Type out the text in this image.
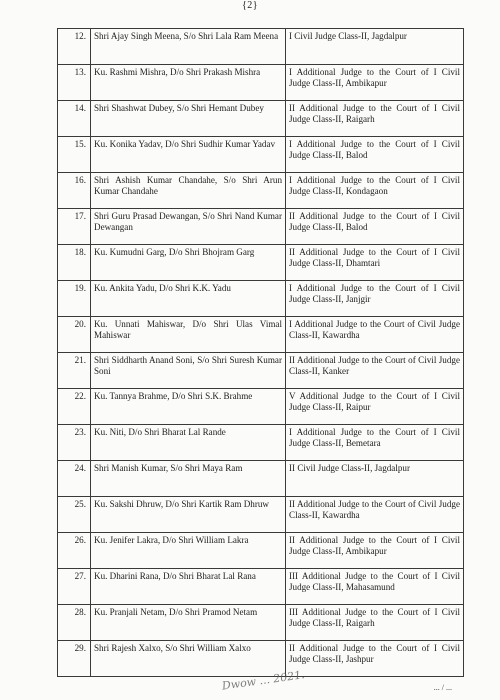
{2}
12.	Shri Ajay Singh Meena, S/o Shri Lala Ram Meena	I Civil Judge Class-II, Jagdalpur
13.	Ku. Rashmi Mishra, D/o Shri Prakash Mishra	I Additional Judge to the Court of I Civil Judge Class-II, Ambikapur
14.	Shri Shashwat Dubey, S/o Shri Hemant Dubey	II Additional Judge to the Court of I Civil Judge Class-II, Raigarh
15.	Ku. Konika Yadav, D/o Shri Sudhir Kumar Yadav	I Additional Judge to the Court of I Civil Judge Class-II, Balod
16.	Shri Ashish Kumar Chandahe, S/o Shri Arun Kumar Chandahe	I Additional Judge to the Court of I Civil Judge Class-II, Kondagaon
17.	Shri Guru Prasad Dewangan, S/o Shri Nand Kumar Dewangan	II Additional Judge to the Court of I Civil Judge Class-II, Balod
18.	Ku. Kumudni Garg, D/o Shri Bhojram Garg	II Additional Judge to the Court of I Civil Judge Class-II, Dhamtari
19.	Ku. Ankita Yadu, D/o Shri K.K. Yadu	I Additional Judge to the Court of I Civil Judge Class-II, Janjgir
20.	Ku. Unnati Mahiswar, D/o Shri Ulas Vimal Mahiswar	I Additional Judge to the Court of Civil Judge Class-II, Kawardha
21.	Shri Siddharth Anand Soni, S/o Shri Suresh Kumar Soni	II Additional Judge to the Court of Civil Judge Class-II, Kanker
22.	Ku. Tannya Brahme, D/o Shri S.K. Brahme	V Additional Judge to the Court of I Civil Judge Class-II, Raipur
23.	Ku. Niti, D/o Shri Bharat Lal Rande	I Additional Judge to the Court of I Civil Judge Class-II, Bemetara
24.	Shri Manish Kumar, S/o Shri Maya Ram	II Civil Judge Class-II, Jagdalpur
25.	Ku. Sakshi Dhruw, D/o Shri Kartik Ram Dhruw	II Additional Judge to the Court of Civil Judge Class-II, Kawardha
26.	Ku. Jenifer Lakra, D/o Shri William Lakra	II Additional Judge to the Court of I Civil Judge Class-II, Ambikapur
27.	Ku. Dharini Rana, D/o Shri Bharat Lal Rana	III Additional Judge to the Court of I Civil Judge Class-II, Mahasamund
28.	Ku. Pranjali Netam, D/o Shri Pramod Netam	III Additional Judge to the Court of I Civil Judge Class-II, Raigarh
29.	Shri Rajesh Xalxo, S/o Shri William Xalxo	II Additional Judge to the Court of I Civil Judge Class-II, Jashpur
Dwow ... 2021.	... / ...
